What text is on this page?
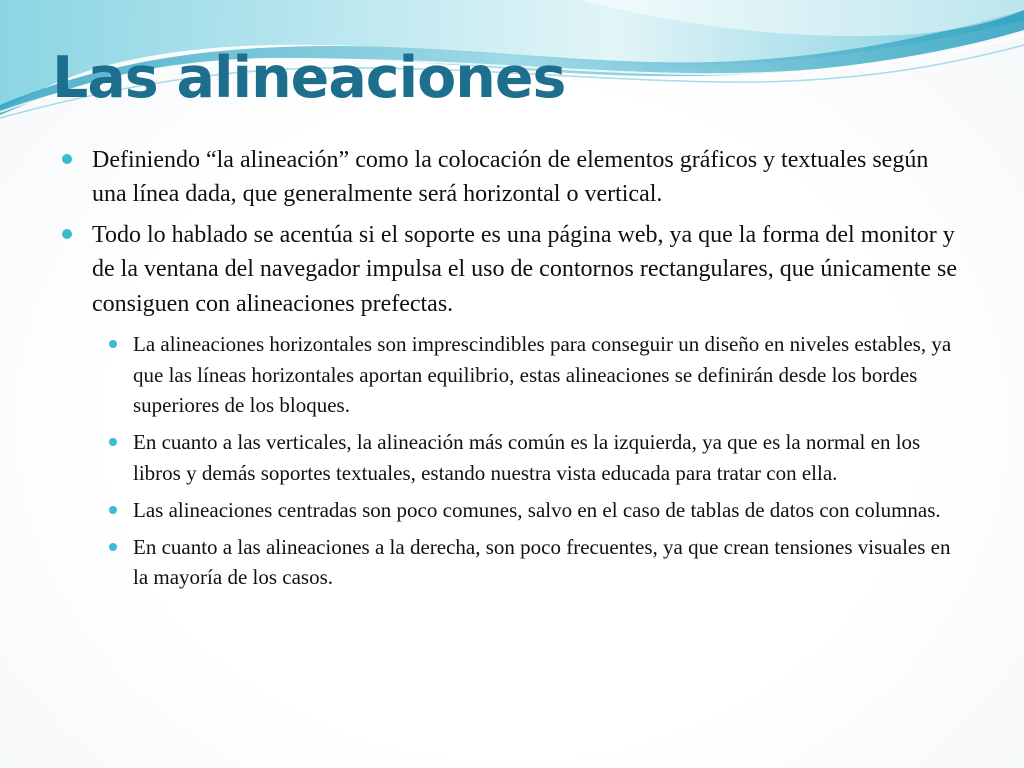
Las alineaciones
Definiendo “la alineación” como la colocación de elementos gráficos y textuales según una línea dada, que generalmente será horizontal o vertical.
Todo lo hablado se acentúa si el soporte es una página web, ya que la forma del monitor y de la ventana del navegador impulsa el uso de contornos rectangulares, que únicamente se consiguen con alineaciones prefectas.
La alineaciones horizontales son imprescindibles para conseguir un diseño en niveles estables, ya que las líneas horizontales aportan equilibrio, estas alineaciones se definirán desde los bordes superiores de los bloques.
En cuanto a las verticales, la alineación más común es la izquierda, ya que es la normal en los libros y demás soportes textuales, estando nuestra vista educada para tratar con ella.
Las alineaciones centradas son poco comunes, salvo en el caso de tablas de datos con columnas.
En cuanto a las alineaciones a la derecha, son poco frecuentes, ya que crean tensiones visuales en la mayoría de los casos.
